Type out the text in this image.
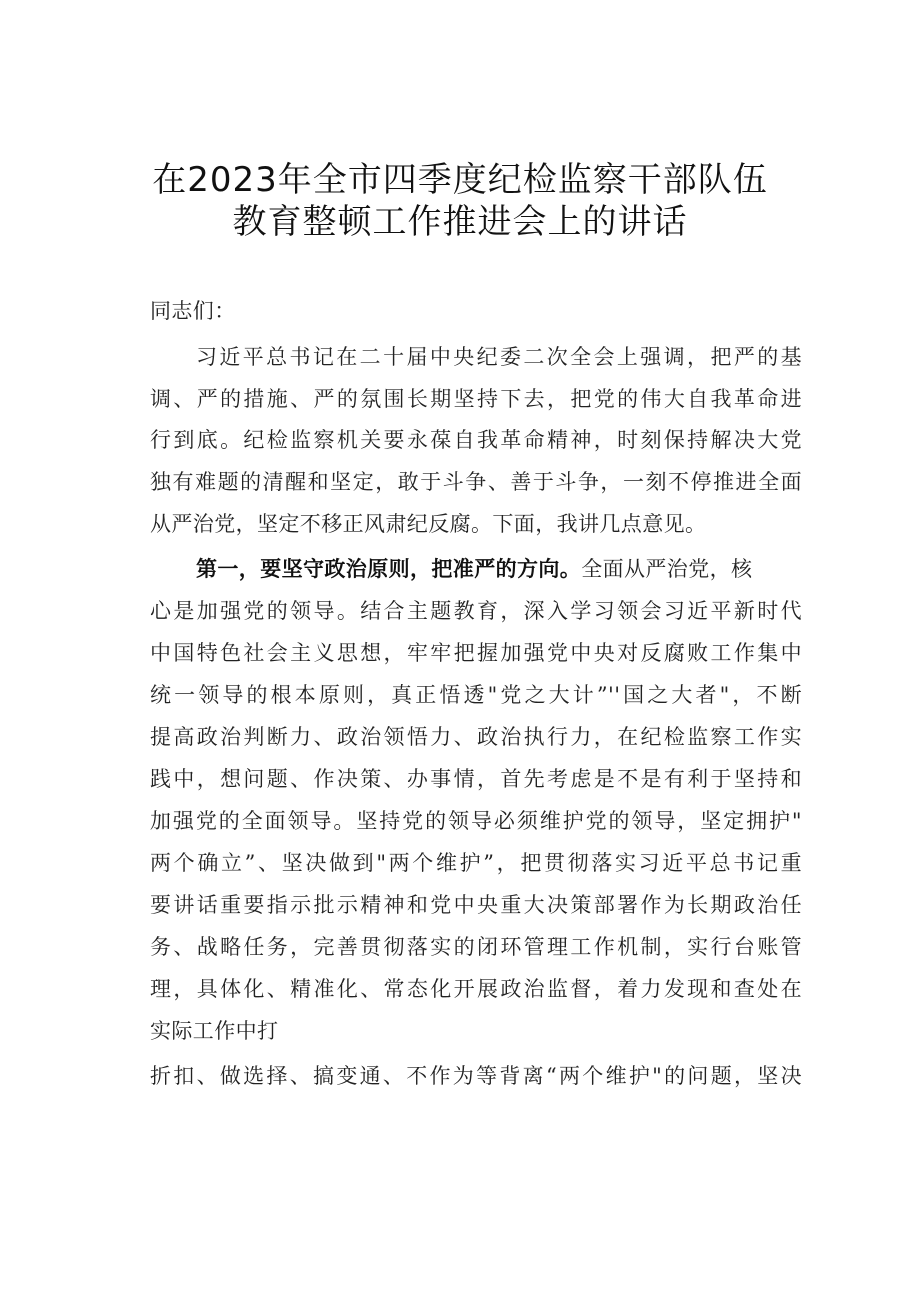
在2023年全市四季度纪检监察干部队伍
教育整顿工作推进会上的讲话
同志们：
习近平总书记在二十届中央纪委二次全会上强调，把严的基
调、严的措施、严的氛围长期坚持下去，把党的伟大自我革命进
行到底。纪检监察机关要永葆自我革命精神，时刻保持解决大党
独有难题的清醒和坚定，敢于斗争、善于斗争，一刻不停推进全面
从严治党，坚定不移正风肃纪反腐。下面，我讲几点意见。
第一，要坚守政治原则，把准严的方向。全面从严治党，核
心是加强党的领导。结合主题教育，深入学习领会习近平新时代
中国特色社会主义思想，牢牢把握加强党中央对反腐败工作集中
统一领导的根本原则，真正悟透"党之大计”''国之大者"，不断
提高政治判断力、政治领悟力、政治执行力，在纪检监察工作实
践中，想问题、作决策、办事情，首先考虑是不是有利于坚持和
加强党的全面领导。坚持党的领导必须维护党的领导，坚定拥护"
两个确立”、坚决做到"两个维护”，把贯彻落实习近平总书记重
要讲话重要指示批示精神和党中央重大决策部署作为长期政治任
务、战略任务，完善贯彻落实的闭环管理工作机制，实行台账管
理，具体化、精准化、常态化开展政治监督，着力发现和查处在
实际工作中打
折扣、做选择、搞变通、不作为等背离“两个维护"的问题，坚决
